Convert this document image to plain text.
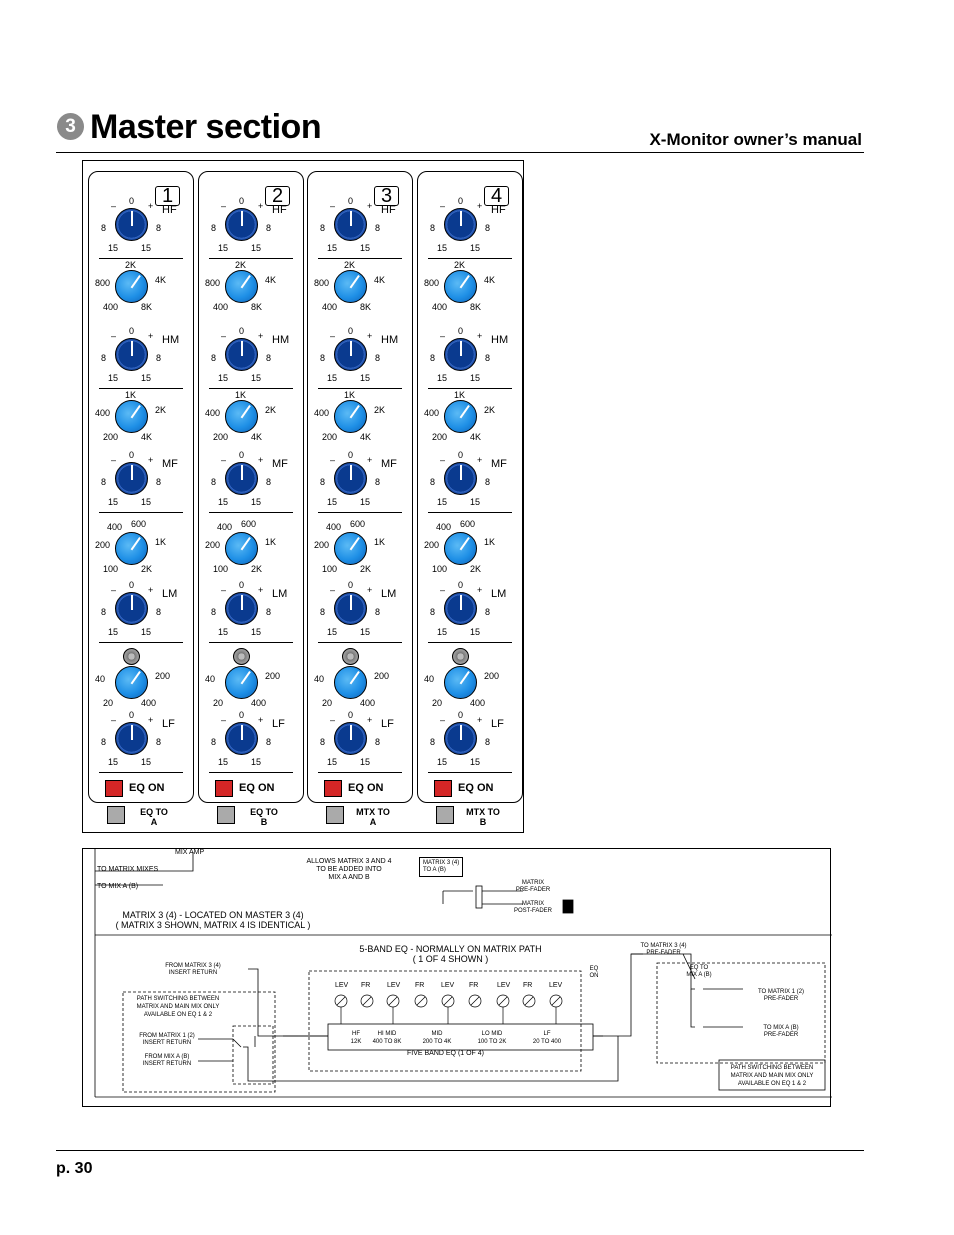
3 Master section	X-Monitor owner’s manual
1
0
–	+ HF
8	8
15	15
2K
800	4K
400	8K
0
–	+ HM
8	8
15	15
1K
400	2K
200	4K
0
–	+ MF
8	8
15	15
400 600
200	1K
100	2K
0
–	+ LM
8	8
15	15
40	200
20	400
0
–	+ LF
8	8
15	15
EQ ON
EQ TO
A
2
0
–	+ HF
8	8
15	15
2K
800	4K
400	8K
0
–	+ HM
8	8
15	15
1K
400	2K
200	4K
0
–	+ MF
8	8
15	15
400 600
200	1K
100	2K
0
–	+ LM
8	8
15	15
40	200
20	400
0
–	+ LF
8	8
15	15
EQ ON
EQ TO
B
3
0
–	+ HF
8	8
15	15
2K
800	4K
400	8K
0
–	+ HM
8	8
15	15
1K
400	2K
200	4K
0
–	+ MF
8	8
15	15
400 600
200	1K
100	2K
0
–	+ LM
8	8
15	15
40	200
20	400
0
–	+ LF
8	8
15	15
EQ ON
MTX TO
A
4
0
–	+ HF
8	8
15	15
2K
800	4K
400	8K
0
–	+ HM
8	8
15	15
1K
400	2K
200	4K
0
–	+ MF
8	8
15	15
400 600
200	1K
100	2K
0
–	+ LM
8	8
15	15
40	200
20	400
0
–	+ LF
8	8
15	15
EQ ON
MTX TO
B
MIX AMP
TO MATRIX MIXES
TO MIX A (B)
ALLOWS MATRIX 3 AND 4
TO BE ADDED INTO
MIX A AND B
MATRIX 3 (4)
TO A (B)
MATRIX
PRE-FADER
MATRIX
POST-FADER
MATRIX 3 (4) - LOCATED ON MASTER 3 (4)
( MATRIX 3 SHOWN, MATRIX 4 IS IDENTICAL )
5-BAND EQ - NORMALLY ON MATRIX PATH
( 1 OF 4 SHOWN )
TO MATRIX 3 (4)
PRE-FADER
FROM MATRIX 3 (4)
INSERT RETURN
EQ TO
MIX A (B)
EQ
ON
PATH SWITCHING BETWEEN
MATRIX AND MAIN MIX ONLY
AVAILABLE ON EQ 1 & 2
FROM MATRIX 1 (2)
INSERT RETURN
FROM MIX A (B)
INSERT RETURN
TO MATRIX 1 (2)
PRE-FADER
TO MIX A (B)
PRE-FADER
PATH SWITCHING BETWEEN
MATRIX AND MAIN MIX ONLY
AVAILABLE ON EQ 1 & 2
LEV FR LEV FR LEV FR	LEV FR LEV
HF
12K
HI MID
400 TO 8K
MID
200 TO 4K
LO MID
100 TO 2K
LF
20 TO 400
FIVE BAND EQ (1 OF 4)
p. 30
